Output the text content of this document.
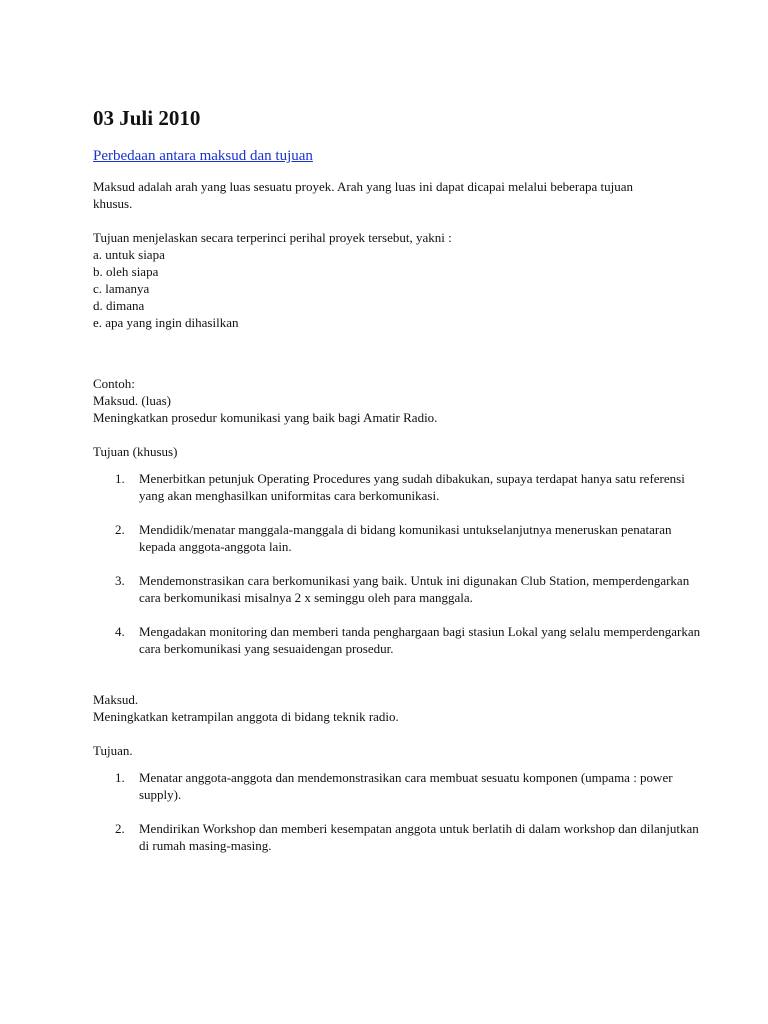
03 Juli 2010
Perbedaan antara maksud dan tujuan

Maksud adalah arah yang luas sesuatu proyek. Arah yang luas ini dapat dicapai melalui beberapa tujuan khusus.

Tujuan menjelaskan secara terperinci perihal proyek tersebut, yakni :

a. untuk siapa

b. oleh siapa

c. lamanya

d. dimana

e. apa yang ingin dihasilkan

Contoh:

Maksud. (luas)

Meningkatkan prosedur komunikasi yang baik bagi Amatir Radio.

Tujuan (khusus)

1. Menerbitkan petunjuk Operating Procedures yang sudah dibakukan, supaya terdapat hanya satu referensi yang akan menghasilkan uniformitas cara berkomunikasi.
2. Mendidik/menatar manggala-manggala di bidang komunikasi untukselanjutnya meneruskan penataran kepada anggota-anggota lain.
3. Mendemonstrasikan cara berkomunikasi yang baik. Untuk ini digunakan Club Station, memperdengarkan cara berkomunikasi misalnya 2 x seminggu oleh para manggala.
4. Mengadakan monitoring dan memberi tanda penghargaan bagi stasiun Lokal yang selalu memperdengarkan cara berkomunikasi yang sesuaidengan prosedur.

Maksud.

Meningkatkan ketrampilan anggota di bidang teknik radio.

Tujuan.

1. Menatar anggota-anggota dan mendemonstrasikan cara membuat sesuatu komponen (umpama : power supply).
2. Mendirikan Workshop dan memberi kesempatan anggota untuk berlatih di dalam workshop dan dilanjutkan di rumah masing-masing.
